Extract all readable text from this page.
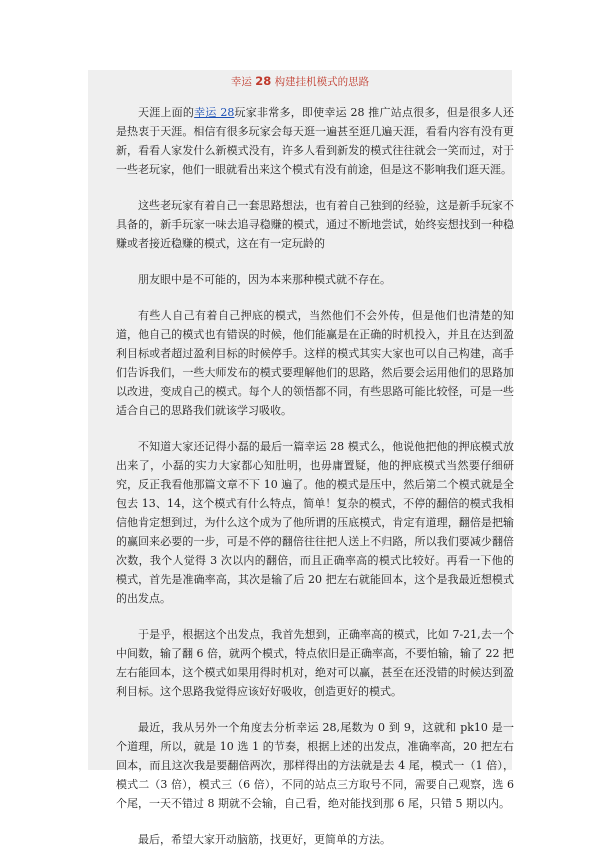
幸运 28 构建挂机模式的思路

天涯上面的幸运 28玩家非常多，即使幸运 28 推广站点很多，但是很多人还是热衷于天涯。相信有很多玩家会每天逛一遍甚至逛几遍天涯，看看内容有没有更新，看看人家发什么新模式没有，许多人看到新发的模式往往就会一笑而过，对于一些老玩家，他们一眼就看出来这个模式有没有前途，但是这不影响我们逛天涯。

这些老玩家有着自己一套思路想法，也有着自己独到的经验，这是新手玩家不具备的，新手玩家一味去追寻稳赚的模式，通过不断地尝试，始终妄想找到一种稳赚或者接近稳赚的模式，这在有一定玩龄的

朋友眼中是不可能的，因为本来那种模式就不存在。

有些人自己有着自己押底的模式，当然他们不会外传，但是他们也清楚的知道，他自己的模式也有错误的时候，他们能赢是在正确的时机投入，并且在达到盈利目标或者超过盈利目标的时候停手。这样的模式其实大家也可以自己构建，高手们告诉我们，一些大师发布的模式要理解他们的思路，然后要会运用他们的思路加以改进，变成自己的模式。每个人的领悟都不同，有些思路可能比较怪，可是一些适合自己的思路我们就该学习吸收。

不知道大家还记得小磊的最后一篇幸运 28 模式么，他说他把他的押底模式放出来了，小磊的实力大家都心知肚明，也毋庸置疑，他的押底模式当然要仔细研究，反正我看他那篇文章不下 10 遍了。他的模式是压中，然后第二个模式就是全包去 13、14，这个模式有什么特点，简单！复杂的模式，不停的翻倍的模式我相信他肯定想到过，为什么这个成为了他所谓的压底模式，肯定有道理，翻倍是把输的赢回来必要的一步，可是不停的翻倍往往把人送上不归路，所以我们要减少翻倍次数，我个人觉得 3 次以内的翻倍，而且正确率高的模式比较好。再看一下他的模式，首先是准确率高，其次是输了后 20 把左右就能回本，这个是我最近想模式的出发点。

于是乎，根据这个出发点，我首先想到，正确率高的模式，比如 7-21,去一个中间数，输了翻 6 倍，就两个模式，特点依旧是正确率高，不要怕输，输了 22 把左右能回本，这个模式如果用得时机对，绝对可以赢，甚至在还没错的时候达到盈利目标。这个思路我觉得应该好好吸收，创造更好的模式。

最近，我从另外一个角度去分析幸运 28,尾数为 0 到 9，这就和 pk10 是一个道理，所以，就是 10 选 1 的节奏，根据上述的出发点，准确率高，20 把左右回本，而且这次我是要翻倍两次，那样得出的方法就是去 4 尾，模式一（1 倍），模式二（3 倍），模式三（6 倍），不同的站点三方取号不同，需要自己观察，选 6 个尾，一天不错过 8 期就不会输，自己看，绝对能找到那 6 尾，只错 5 期以内。

最后，希望大家开动脑筋，找更好，更简单的方法。
